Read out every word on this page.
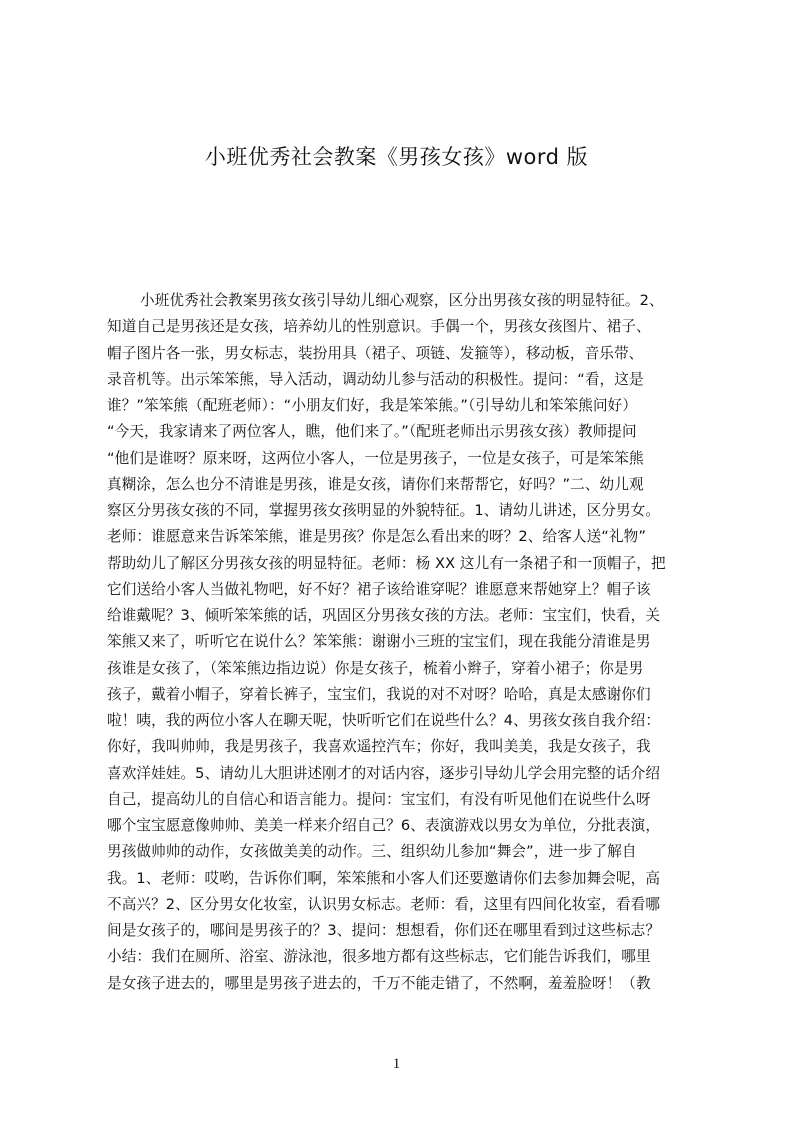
小班优秀社会教案《男孩女孩》word 版
小班优秀社会教案男孩女孩引导幼儿细心观察，区分出男孩女孩的明显特征。2、
知道自己是男孩还是女孩，培养幼儿的性别意识。手偶一个，男孩女孩图片、裙子、
帽子图片各一张，男女标志，装扮用具（裙子、项链、发箍等），移动板，音乐带、
录音机等。出示笨笨熊，导入活动，调动幼儿参与活动的积极性。提问：“看，这是
谁？”笨笨熊（配班老师）：“小朋友们好，我是笨笨熊。”（引导幼儿和笨笨熊问好）
“今天，我家请来了两位客人，瞧，他们来了。”（配班老师出示男孩女孩）教师提问
“他们是谁呀？原来呀，这两位小客人，一位是男孩子，一位是女孩子，可是笨笨熊
真糊涂，怎么也分不清谁是男孩，谁是女孩，请你们来帮帮它，好吗？”二、幼儿观
察区分男孩女孩的不同，掌握男孩女孩明显的外貌特征。1、请幼儿讲述，区分男女。
老师：谁愿意来告诉笨笨熊，谁是男孩？你是怎么看出来的呀？2、给客人送“礼物”
帮助幼儿了解区分男孩女孩的明显特征。老师：杨 XX 这儿有一条裙子和一顶帽子，把
它们送给小客人当做礼物吧，好不好？裙子该给谁穿呢？谁愿意来帮她穿上？帽子该
给谁戴呢？3、倾听笨笨熊的话，巩固区分男孩女孩的方法。老师：宝宝们，快看，关
笨熊又来了，听听它在说什么？笨笨熊：谢谢小三班的宝宝们，现在我能分清谁是男
孩谁是女孩了，（笨笨熊边指边说）你是女孩子，梳着小辫子，穿着小裙子；你是男
孩子，戴着小帽子，穿着长裤子，宝宝们，我说的对不对呀？哈哈，真是太感谢你们
啦！咦，我的两位小客人在聊天呢，快听听它们在说些什么？4、男孩女孩自我介绍：
你好，我叫帅帅，我是男孩子，我喜欢遥控汽车；你好，我叫美美，我是女孩子，我
喜欢洋娃娃。5、请幼儿大胆讲述刚才的对话内容，逐步引导幼儿学会用完整的话介绍
自己，提高幼儿的自信心和语言能力。提问：宝宝们，有没有听见他们在说些什么呀
哪个宝宝愿意像帅帅、美美一样来介绍自己？6、表演游戏以男女为单位，分批表演，
男孩做帅帅的动作，女孩做美美的动作。三、组织幼儿参加“舞会”，进一步了解自
我。1、老师：哎哟，告诉你们啊，笨笨熊和小客人们还要邀请你们去参加舞会呢，高
不高兴？2、区分男女化妆室，认识男女标志。老师：看，这里有四间化妆室，看看哪
间是女孩子的，哪间是男孩子的？3、提问：想想看，你们还在哪里看到过这些标志？
小结：我们在厕所、浴室、游泳池，很多地方都有这些标志，它们能告诉我们，哪里
是女孩子进去的，哪里是男孩子进去的，千万不能走错了，不然啊，羞羞脸呀！（教
1
